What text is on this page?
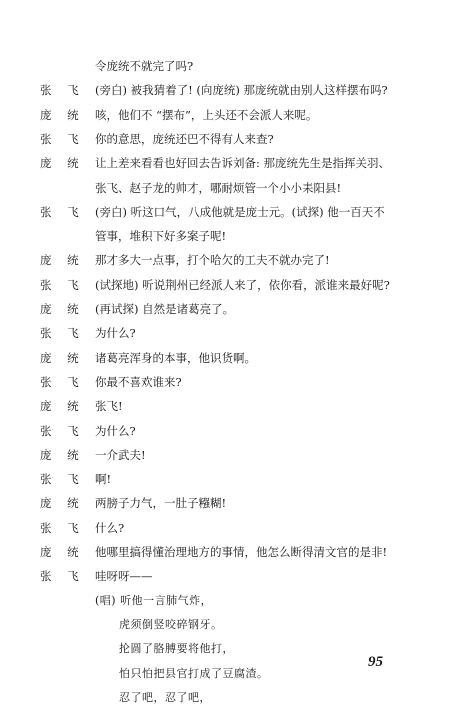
令庞统不就完了吗?
张 飞 (旁白) 被我猜着了! (向庞统) 那庞统就由别人这样摆布吗?
庞 统 咳，他们不 “摆布”，上头还不会派人来呢。
张 飞 你的意思，庞统还巴不得有人来查?
庞 统 让上差来看看也好回去告诉刘备: 那庞统先生是指挥关羽、
张飞、赵子龙的帅才，哪耐烦管一个小小耒阳县!
张 飞 (旁白) 听这口气，八成他就是庞士元。(试探) 他一百天不
管事，堆积下好多案子呢!
庞 统 那才多大一点事，打个哈欠的工夫不就办完了!
张 飞 (试探地) 听说荆州已经派人来了，依你看，派谁来最好呢?
庞 统 (再试探) 自然是诸葛亮了。
张 飞 为什么?
庞 统 诸葛亮浑身的本事，他识货啊。
张 飞 你最不喜欢谁来?
庞 统 张飞!
张 飞 为什么?
庞 统 一介武夫!
张 飞 啊!
庞 统 两膀子力气，一肚子糨糊!
张 飞 什么?
庞 统 他哪里搞得懂治理地方的事情，他怎么断得清文官的是非!
张 飞 哇呀呀——
(唱) 听他一言肺气炸，
虎须倒竖咬碎钢牙。
抡圆了胳膊要将他打，
怕只怕把县官打成了豆腐渣。
忍了吧，忍了吧，
95
